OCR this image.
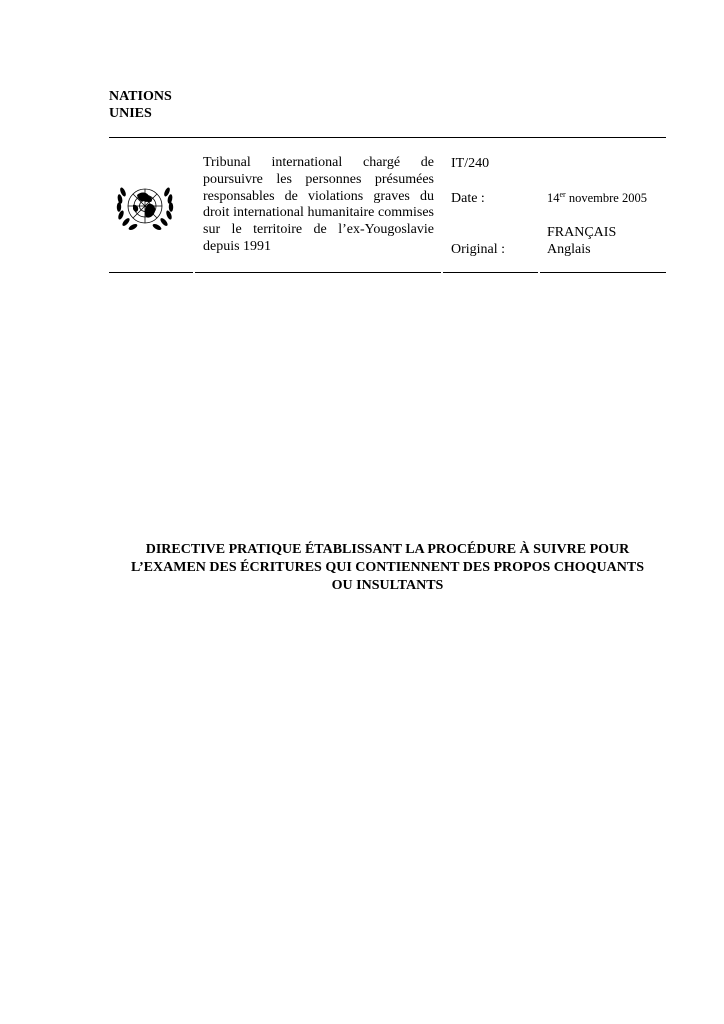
NATIONS
UNIES
Tribunal international chargé de poursuivre les personnes présumées responsables de violations graves du droit international humanitaire commises sur le territoire de l’ex-Yougoslavie depuis 1991
IT/240
Date :	14er novembre 2005
FRANÇAIS
Original :	Anglais
DIRECTIVE PRATIQUE ÉTABLISSANT LA PROCÉDURE À SUIVRE POUR
L’EXAMEN DES ÉCRITURES QUI CONTIENNENT DES PROPOS CHOQUANTS
OU INSULTANTS
